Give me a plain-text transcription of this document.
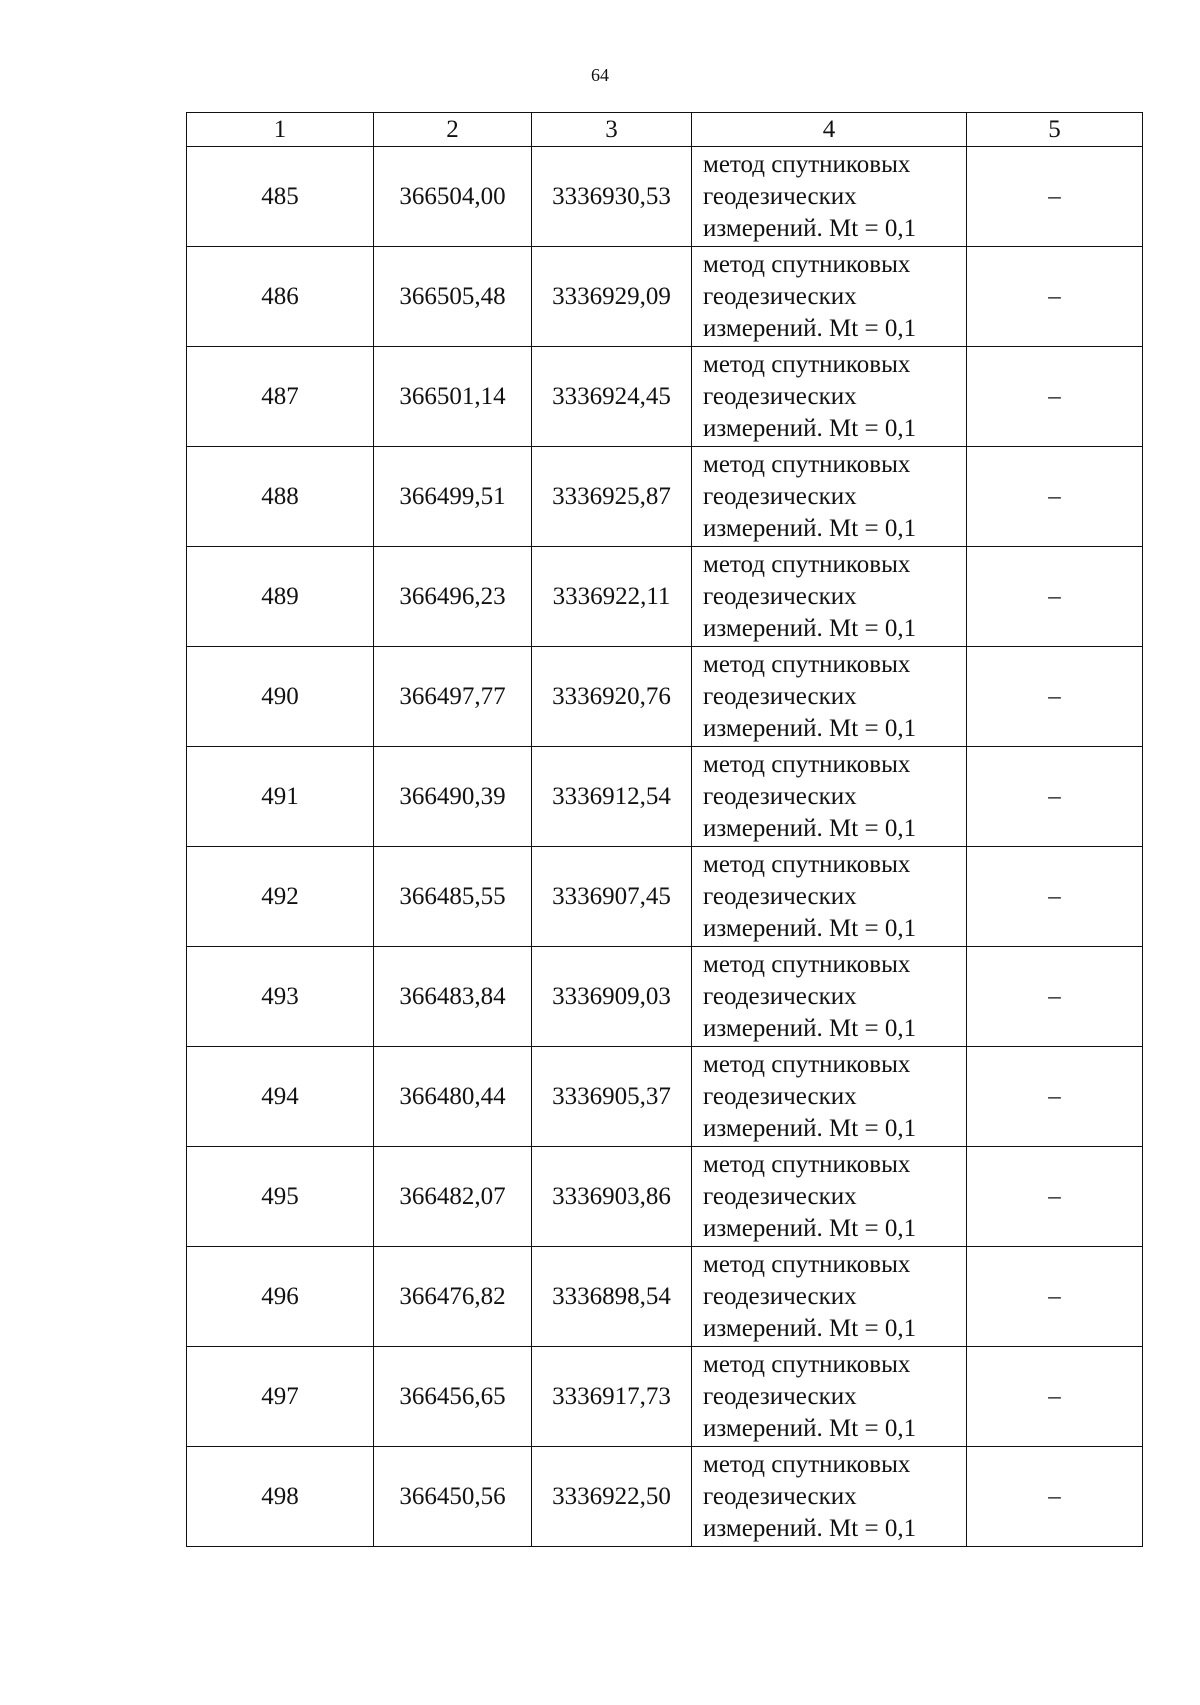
64
1	2	3	4	5
485	366504,00	3336930,53	метод спутниковых
геодезических
измерений. Mt = 0,1	–
486	366505,48	3336929,09	метод спутниковых
геодезических
измерений. Mt = 0,1	–
487	366501,14	3336924,45	метод спутниковых
геодезических
измерений. Mt = 0,1	–
488	366499,51	3336925,87	метод спутниковых
геодезических
измерений. Mt = 0,1	–
489	366496,23	3336922,11	метод спутниковых
геодезических
измерений. Mt = 0,1	–
490	366497,77	3336920,76	метод спутниковых
геодезических
измерений. Mt = 0,1	–
491	366490,39	3336912,54	метод спутниковых
геодезических
измерений. Mt = 0,1	–
492	366485,55	3336907,45	метод спутниковых
геодезических
измерений. Mt = 0,1	–
493	366483,84	3336909,03	метод спутниковых
геодезических
измерений. Mt = 0,1	–
494	366480,44	3336905,37	метод спутниковых
геодезических
измерений. Mt = 0,1	–
495	366482,07	3336903,86	метод спутниковых
геодезических
измерений. Mt = 0,1	–
496	366476,82	3336898,54	метод спутниковых
геодезических
измерений. Mt = 0,1	–
497	366456,65	3336917,73	метод спутниковых
геодезических
измерений. Mt = 0,1	–
498	366450,56	3336922,50	метод спутниковых
геодезических
измерений. Mt = 0,1	–
